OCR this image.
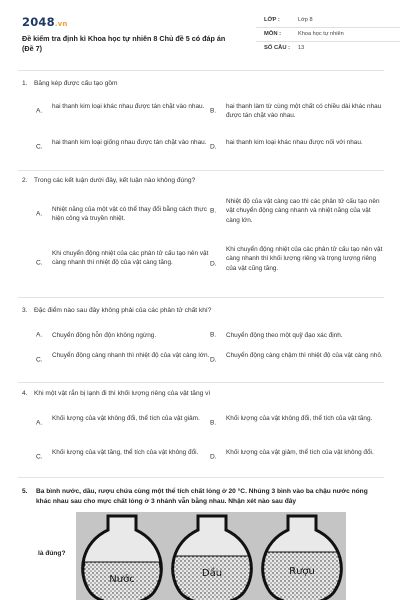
2048.vn
Đề kiểm tra định kì Khoa học tự nhiên 8 Chủ đề 5 có đáp án (Đề 7)
LỚP :	Lớp 8
MÔN :	Khoa học tự nhiên
SỐ CÂU : 13
1. Băng kép được cấu tạo gồm
A.
hai thanh kim loại khác nhau được tán chặt vào nhau.
B.
hai thanh làm từ cùng một chất có chiều dài khác nhau được tán chặt vào nhau.
C.
hai thanh kim loại giống nhau được tán chặt vào nhau.
D.
hai thanh kim loại khác nhau được nối với nhau.
2. Trong các kết luận dưới đây, kết luận nào không đúng?
A.
Nhiệt năng của một vật có thể thay đổi bằng cách thực hiện công và truyền nhiệt.
B.
Nhiệt độ của vật càng cao thì các phân tử cấu tạo nên vật chuyển động càng nhanh và nhiệt năng của vật càng lớn.
C.
Khi chuyển động nhiệt của các phân tử cấu tạo nên vật càng nhanh thì nhiệt độ của vật càng tăng.	D.
Khi chuyển động nhiệt của các phân tử cấu tạo nên vật càng nhanh thì khối lượng riêng và trọng lượng riêng của vật cũng tăng.
3. Đặc điểm nào sau đây không phải của các phân tử chất khí?
A. Chuyển động hỗn độn không ngừng.	B. Chuyển động theo một quỹ đạo xác định.
C.
Chuyển động càng nhanh thì nhiệt độ của vật càng lớn.
D.
Chuyển động càng chậm thì nhiệt độ của vật càng nhỏ.
4. Khi một vật rắn bị lạnh đi thì khối lượng riêng của vật tăng vì
A.
Khối lượng của vật không đổi, thể tích của vật giảm.
B.
Khối lượng của vật không đổi, thể tích của vật tăng.
C.
Khối lượng của vật tăng, thể tích của vật không đổi.
D.
Khối lượng của vật giảm, thể tích của vật không đổi.
5. Ba bình nước, dầu, rượu chứa cùng một thể tích chất lỏng ở 20 °C. Nhúng 3 bình vào ba chậu nước nóng khác nhau sau cho mực chất lỏng ở 3 nhánh vẫn bằng nhau. Nhận xét nào sau đây
là đúng?
Nước
Dầu	Rượu
